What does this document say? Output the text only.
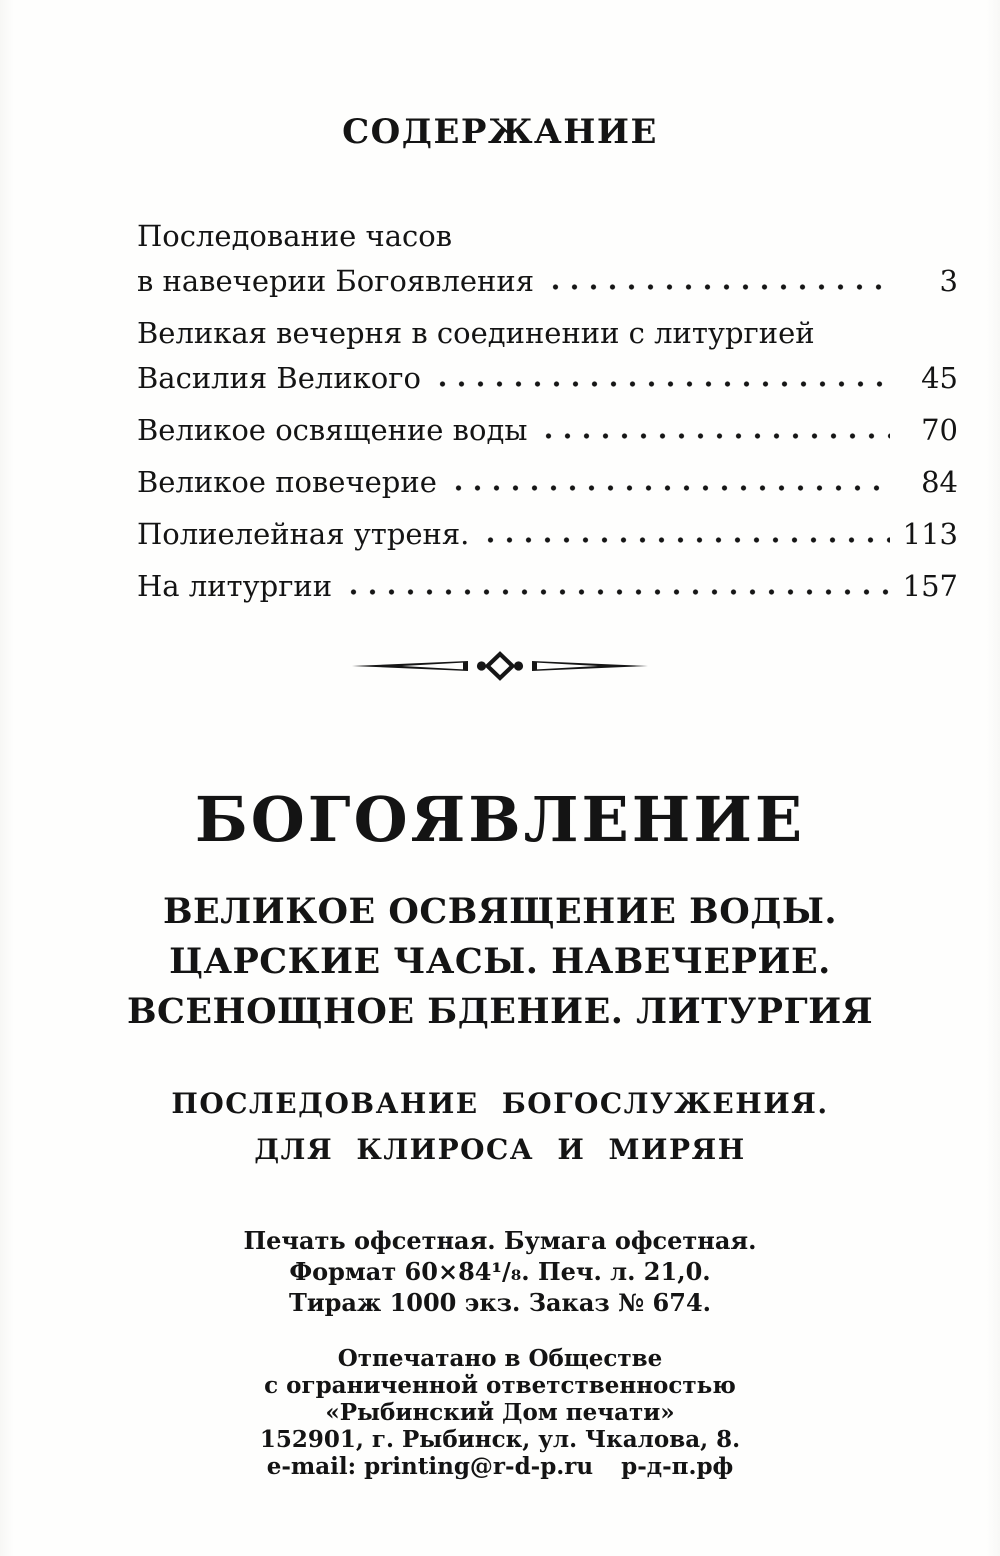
СОДЕРЖАНИЕ
Последование часов
в навечерии Богоявления	3
Великая вечерня в соединении с литургией
Василия Великого	45
Великое освящение воды	70
Великое повечерие	84
Полиелейная утреня.	113
На литургии	157
БОГОЯВЛЕНИЕ
ВЕЛИКОЕ ОСВЯЩЕНИЕ ВОДЫ.
ЦАРСКИЕ ЧАСЫ. НАВЕЧЕРИЕ.
ВСЕНОЩНОЕ БДЕНИЕ. ЛИТУРГИЯ
ПОСЛЕДОВАНИЕ БОГОСЛУЖЕНИЯ.
ДЛЯ КЛИРОСА И МИРЯН
Печать офсетная. Бумага офсетная.
Формат 60×84¹/₈. Печ. л. 21,0.
Тираж 1000 экз. Заказ № 674.
Отпечатано в Обществе
с ограниченной ответственностью
«Рыбинский Дом печати»
152901, г. Рыбинск, ул. Чкалова, 8.
e-mail: printing@r-d-p.ru р-д-п.рф
